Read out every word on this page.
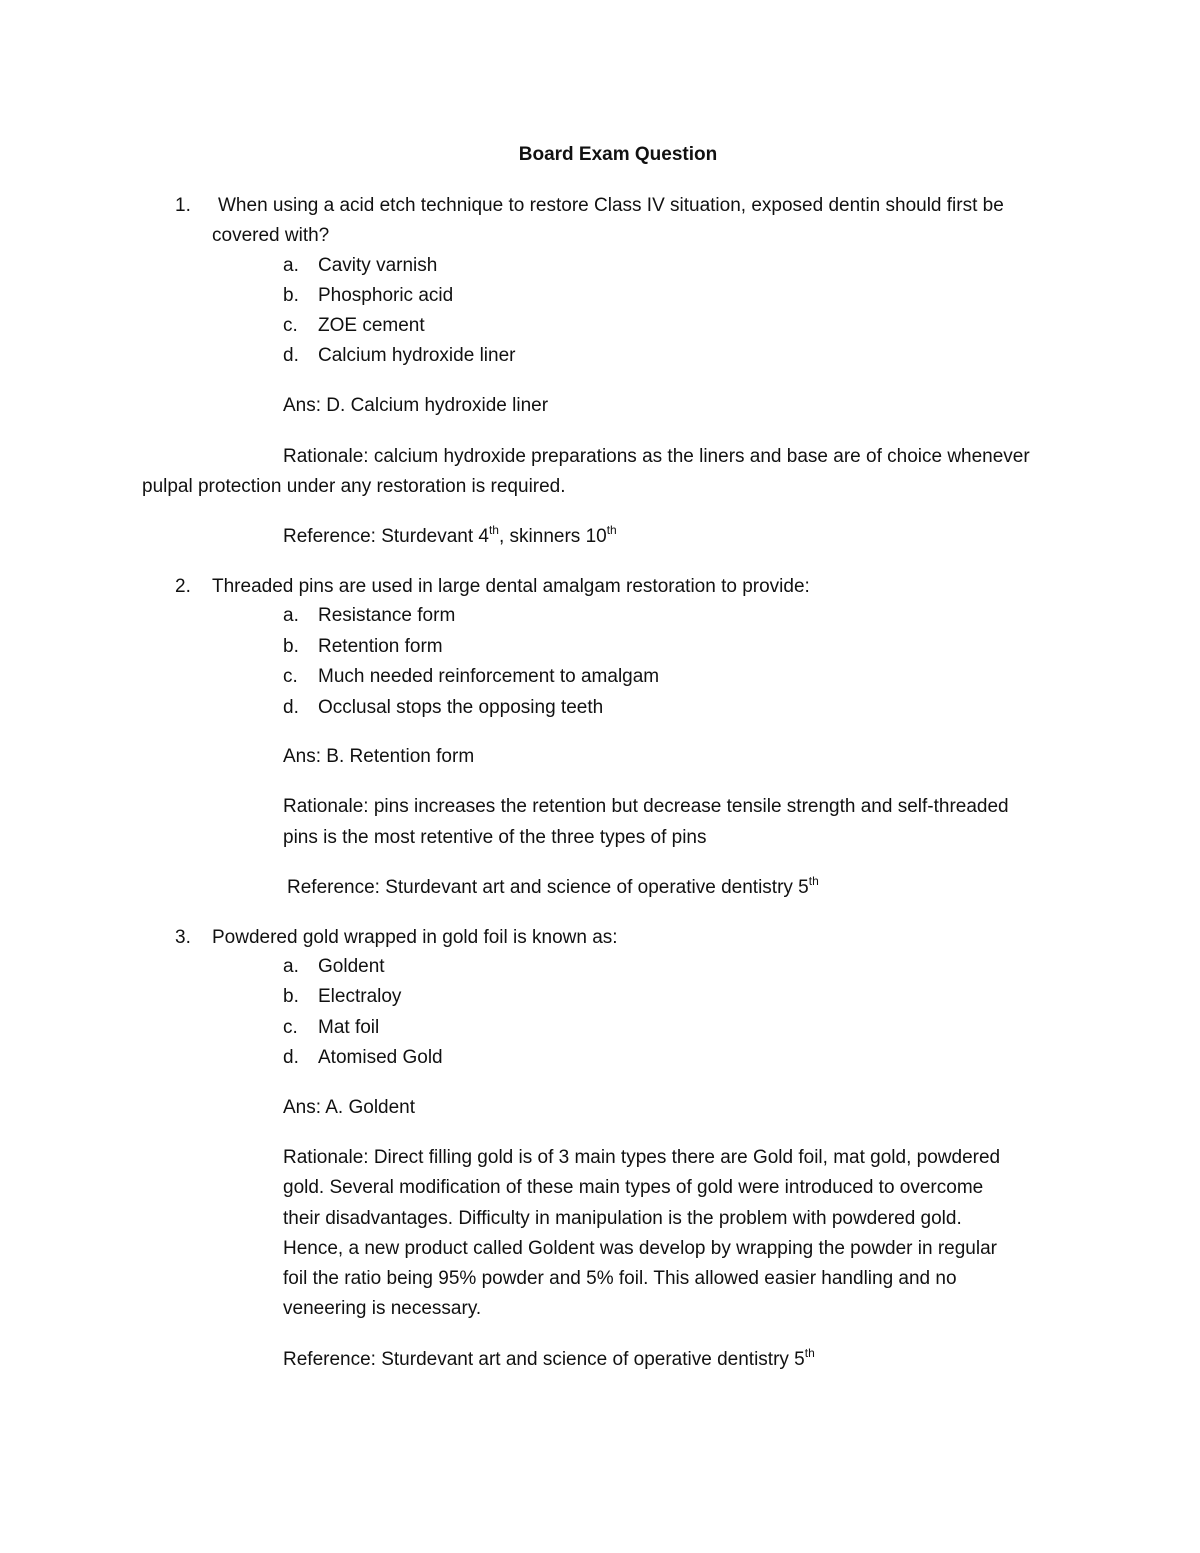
Board Exam Question
1. When using a acid etch technique to restore Class IV situation, exposed dentin should first be
covered with?
a. Cavity varnish
b. Phosphoric acid
c. ZOE cement
d. Calcium hydroxide liner
Ans: D. Calcium hydroxide liner
Rationale: calcium hydroxide preparations as the liners and base are of choice whenever
pulpal protection under any restoration is required.
Reference: Sturdevant 4th, skinners 10th
2. Threaded pins are used in large dental amalgam restoration to provide:
a. Resistance form
b. Retention form
c. Much needed reinforcement to amalgam
d. Occlusal stops the opposing teeth
Ans: B. Retention form
Rationale: pins increases the retention but decrease tensile strength and self-threaded
pins is the most retentive of the three types of pins
Reference: Sturdevant art and science of operative dentistry 5th
3. Powdered gold wrapped in gold foil is known as:
a. Goldent
b. Electraloy
c. Mat foil
d. Atomised Gold
Ans: A. Goldent
Rationale: Direct filling gold is of 3 main types there are Gold foil, mat gold, powdered
gold. Several modification of these main types of gold were introduced to overcome
their disadvantages. Difficulty in manipulation is the problem with powdered gold.
Hence, a new product called Goldent was develop by wrapping the powder in regular
foil the ratio being 95% powder and 5% foil. This allowed easier handling and no
veneering is necessary.
Reference: Sturdevant art and science of operative dentistry 5th
